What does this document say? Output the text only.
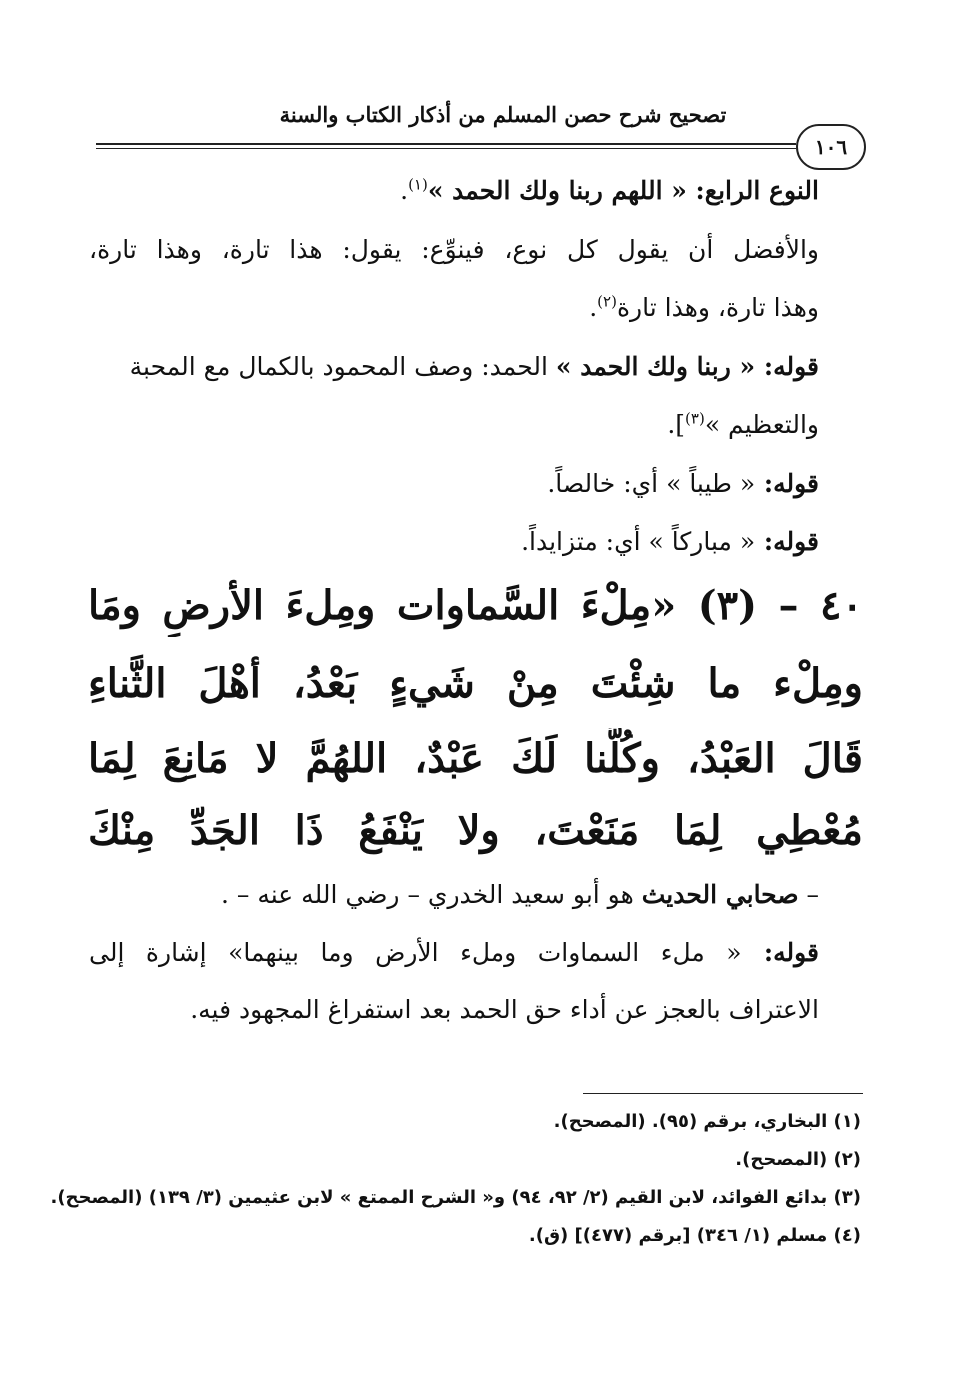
تصحيح شرح حصن المسلم من أذكار الكتاب والسنة
١٠٦
النوع الرابع: « اللهم ربنا ولك الحمد »$^{(١)}$.
والأفضل أن يقول كل نوع، فينوِّع: يقول: هذا تارة، وهذا تارة،
وهذا تارة، وهذا تارة$^{(٢)}$.
قوله: « ربنا ولك الحمد » الحمد: وصف المحمود بالكمال مع المحبة
والتعظيم »$^{(٣)}$].
قوله: « طيباً » أي: خالصاً.
قوله: « مباركاً » أي: متزايداً.
٤٠ – (٣) «مِلْءَ السَّماوات ومِلءَ الأرضِ ومَا
ومِلْء ما شِئْتَ مِنْ شَيءٍ بَعْدُ، أهْلَ الثَّناءِ
قَالَ العَبْدُ، وكُلُّنا لَكَ عَبْدٌ، اللهُمَّ لا مَانِعَ لِمَا
مُعْطِي لِمَا مَنَعْتَ، ولا يَنْفَعُ ذَا الجَدِّ مِنْكَ
– صحابي الحديث هو أبو سعيد الخدري – رضي الله عنه – .
قوله: « ملء السماوات وملء الأرض وما بينهما» إشارة إلى
الاعتراف بالعجز عن أداء حق الحمد بعد استفراغ المجهود فيه.
(١) البخاري، برقم (٩٥). (المصحح).
(٢) (المصحح).
(٣) بدائع الفوائد، لابن القيم (٢/ ٩٢، ٩٤) و« الشرح الممتع » لابن عثيمين (٣/ ١٣٩) (المصحح).
(٤) مسلم (١/ ٣٤٦) [برقم (٤٧٧)] (ق).
